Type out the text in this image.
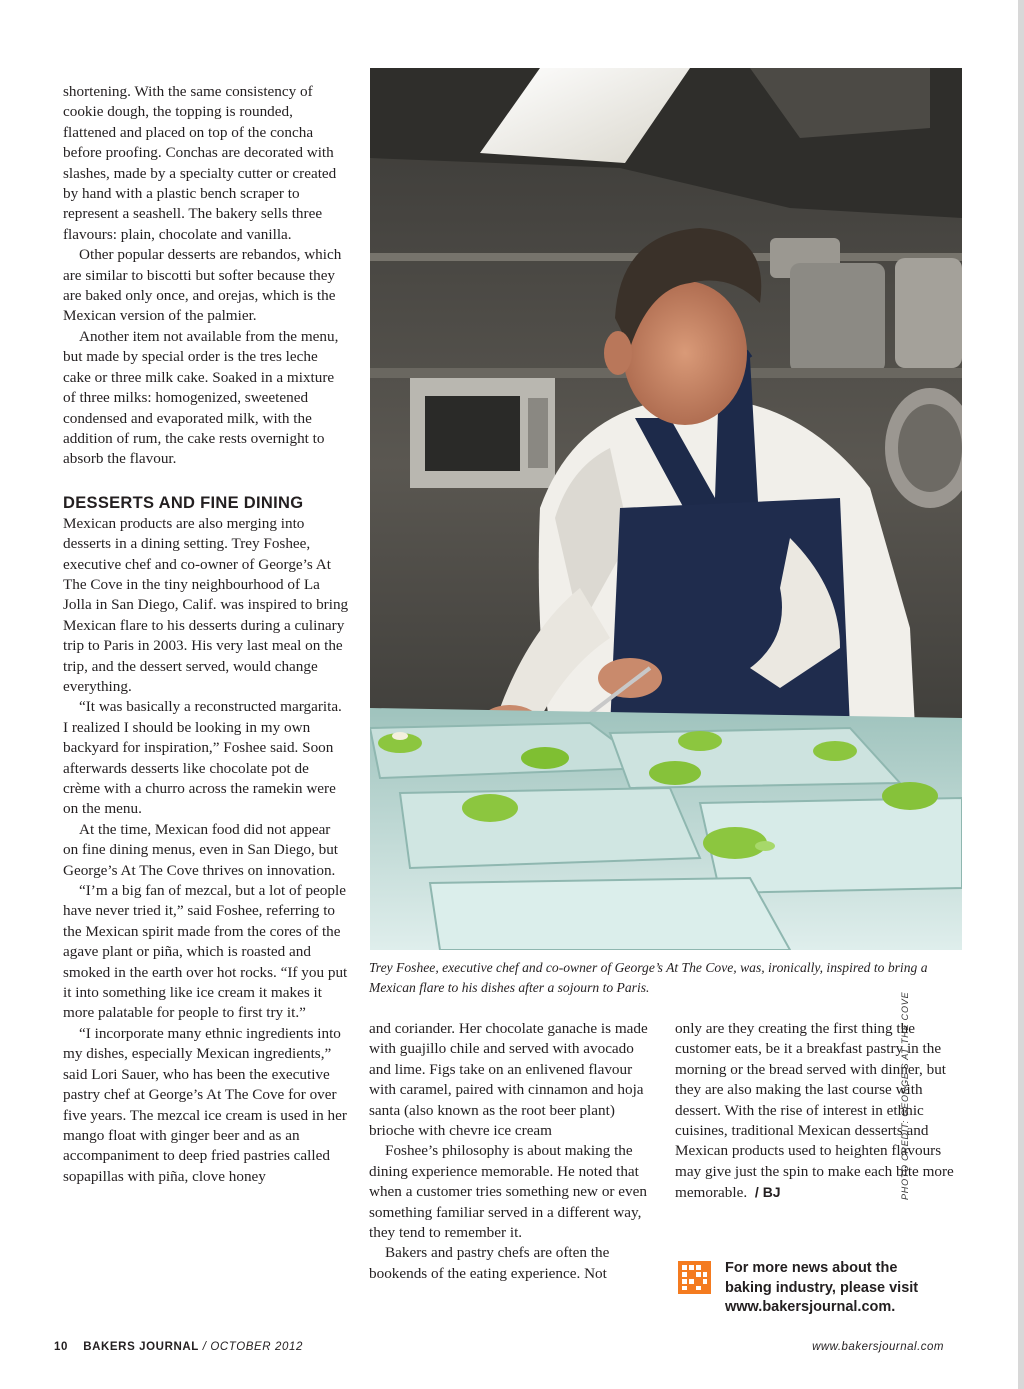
shortening. With the same consistency of cookie dough, the topping is rounded, flattened and placed on top of the concha before proofing. Conchas are decorated with slashes, made by a specialty cutter or created by hand with a plastic bench scraper to represent a seashell. The bakery sells three flavours: plain, chocolate and vanilla.

Other popular desserts are rebandos, which are similar to biscotti but softer because they are baked only once, and orejas, which is the Mexican version of the palmier.

Another item not available from the menu, but made by special order is the tres leche cake or three milk cake. Soaked in a mixture of three milks: homogenized, sweetened condensed and evaporated milk, with the addition of rum, the cake rests overnight to absorb the flavour.

DESSERTS AND FINE DINING

Mexican products are also merging into desserts in a dining setting. Trey Foshee, executive chef and co-owner of George’s At The Cove in the tiny neighbourhood of La Jolla in San Diego, Calif. was inspired to bring Mexican flare to his desserts during a culinary trip to Paris in 2003. His very last meal on the trip, and the dessert served, would change everything.

“It was basically a reconstructed margarita. I realized I should be looking in my own backyard for inspiration,” Foshee said. Soon afterwards desserts like chocolate pot de crème with a churro across the ramekin were on the menu.

At the time, Mexican food did not appear on fine dining menus, even in San Diego, but George’s At The Cove thrives on innovation.

“I’m a big fan of mezcal, but a lot of people have never tried it,” said Foshee, referring to the Mexican spirit made from the cores of the agave plant or piña, which is roasted and smoked in the earth over hot rocks. “If you put it into something like ice cream it makes it more palatable for people to first try it.”

“I incorporate many ethnic ingredients into my dishes, especially Mexican ingredients,” said Lori Sauer, who has been the executive pastry chef at George’s At The Cove for over five years. The mezcal ice cream is used in her mango float with ginger beer and as an accompaniment to deep fried pastries called sopapillas with piña, clove honey

Trey Foshee, executive chef and co-owner of George’s At The Cove, was, ironically, inspired to bring a Mexican flare to his dishes after a sojourn to Paris.

and coriander. Her chocolate ganache is made with guajillo chile and served with avocado and lime. Figs take on an enlivened flavour with caramel, paired with cinnamon and hoja santa (also known as the root beer plant) brioche with chevre ice cream

Foshee’s philosophy is about making the dining experience memorable. He noted that when a customer tries something new or even something familiar served in a different way, they tend to remember it.

Bakers and pastry chefs are often the bookends of the eating experience. Not

only are they creating the first thing the customer eats, be it a breakfast pastry in the morning or the bread served with dinner, but they are also making the last course with dessert. With the rise of interest in ethnic cuisines, traditional Mexican desserts and Mexican products used to heighten flavours may give just the spin to make each bite more memorable. / BJ

For more news about the
baking industry, please visit
www.bakersjournal.com.
PHOTO CREDIT: GEORGE’S AT THE COVE
10 BAKERS JOURNAL / OCTOBER 2012	www.bakersjournal.com
